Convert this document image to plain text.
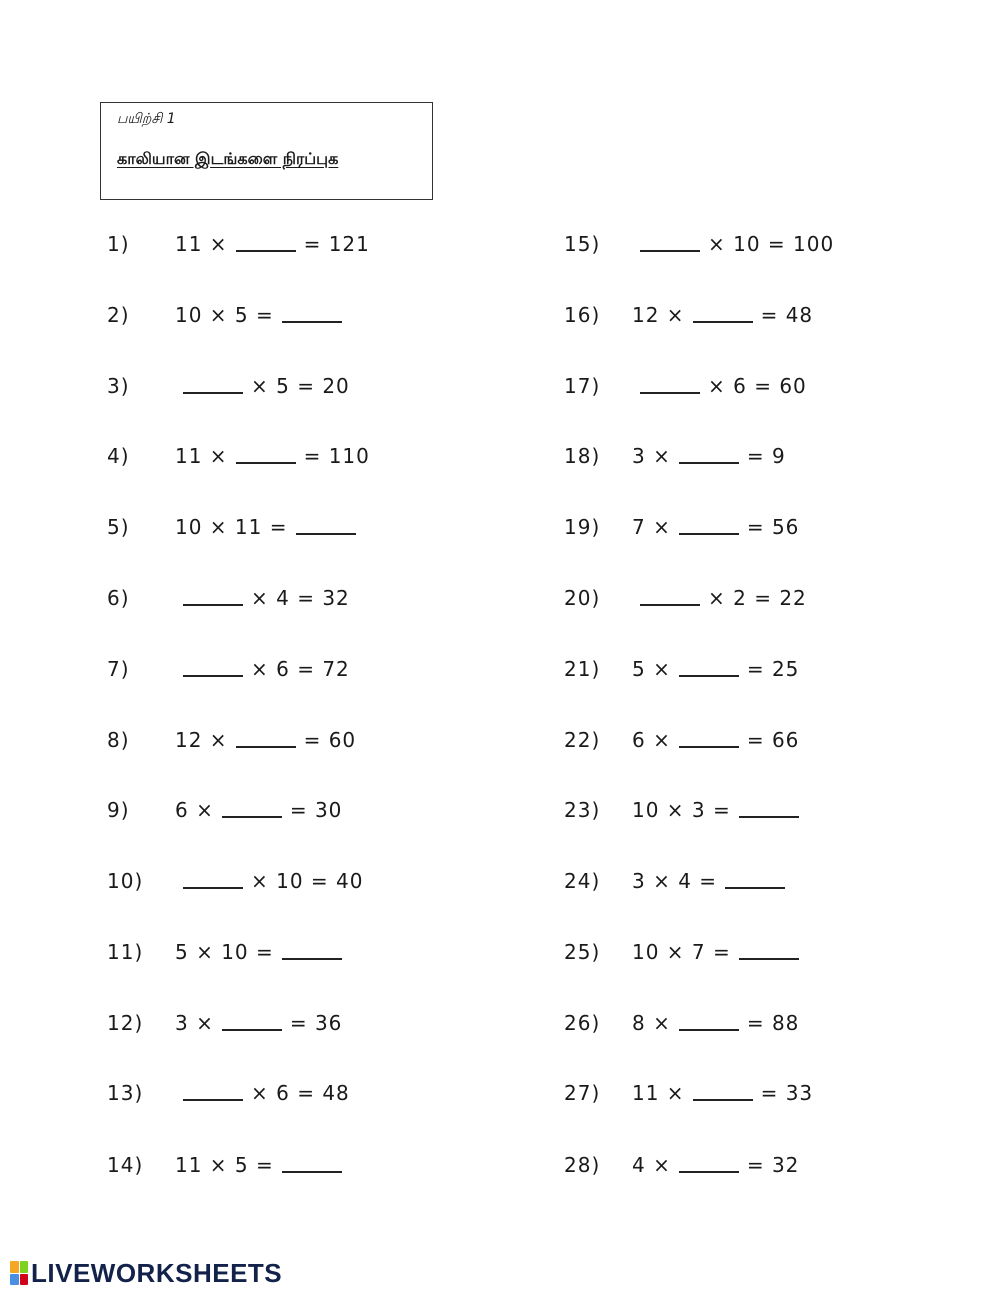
பயிற்சி 1
காலியான இடங்களை நிரப்புக
1)	11 ×	= 121
2)	10 × 5 =
3)	× 5 = 20
4)	11 ×	= 110
5)	10 × 11 =
6)	× 4 = 32
7)	× 6 = 72
8)	12 ×	= 60
9)	6 ×	= 30
10)	× 10 = 40
11)	5 × 10 =
12)	3 ×	= 36
13)	× 6 = 48
14)	11 × 5 =
15)	× 10 = 100
16)	12 ×	= 48
17)	× 6 = 60
18)	3 ×	= 9
19)	7 ×	= 56
20)	× 2 = 22
21)	5 ×	= 25
22)	6 ×	= 66
23)	10 × 3 =
24)	3 × 4 =
25)	10 × 7 =
26)	8 ×	= 88
27)	11 ×	= 33
28)	4 ×	= 32
LIVEWORKSHEETS
